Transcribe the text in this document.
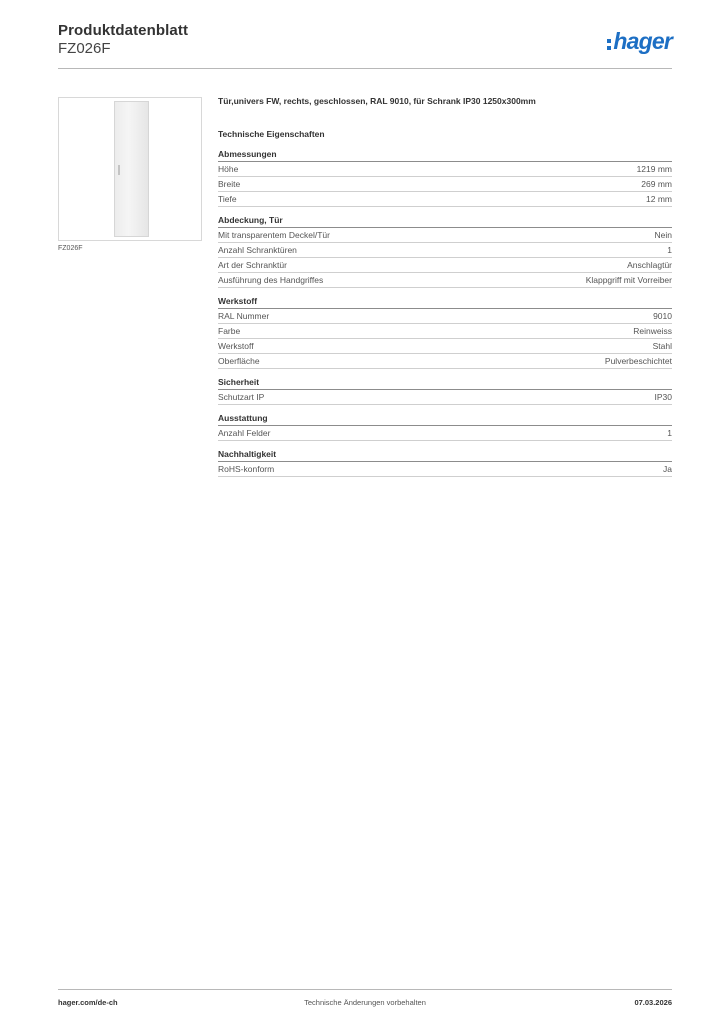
Produktdatenblatt
FZ026F	hager
FZ026F
Tür,univers FW, rechts, geschlossen, RAL 9010, für Schrank IP30 1250x300mm
Technische Eigenschaften
Abmessungen
Höhe	1219 mm
Breite	269 mm
Tiefe	12 mm
Abdeckung, Tür
Mit transparentem Deckel/Tür	Nein
Anzahl Schranktüren	1
Art der Schranktür	Anschlagtür
Ausführung des Handgriffes	Klappgriff mit Vorreiber
Werkstoff
RAL Nummer	9010
Farbe	Reinweiss
Werkstoff	Stahl
Oberfläche	Pulverbeschichtet
Sicherheit
Schutzart IP	IP30
Ausstattung
Anzahl Felder	1
Nachhaltigkeit
RoHS-konform	Ja
hager.com/de-ch	Technische Änderungen vorbehalten	07.03.2026
